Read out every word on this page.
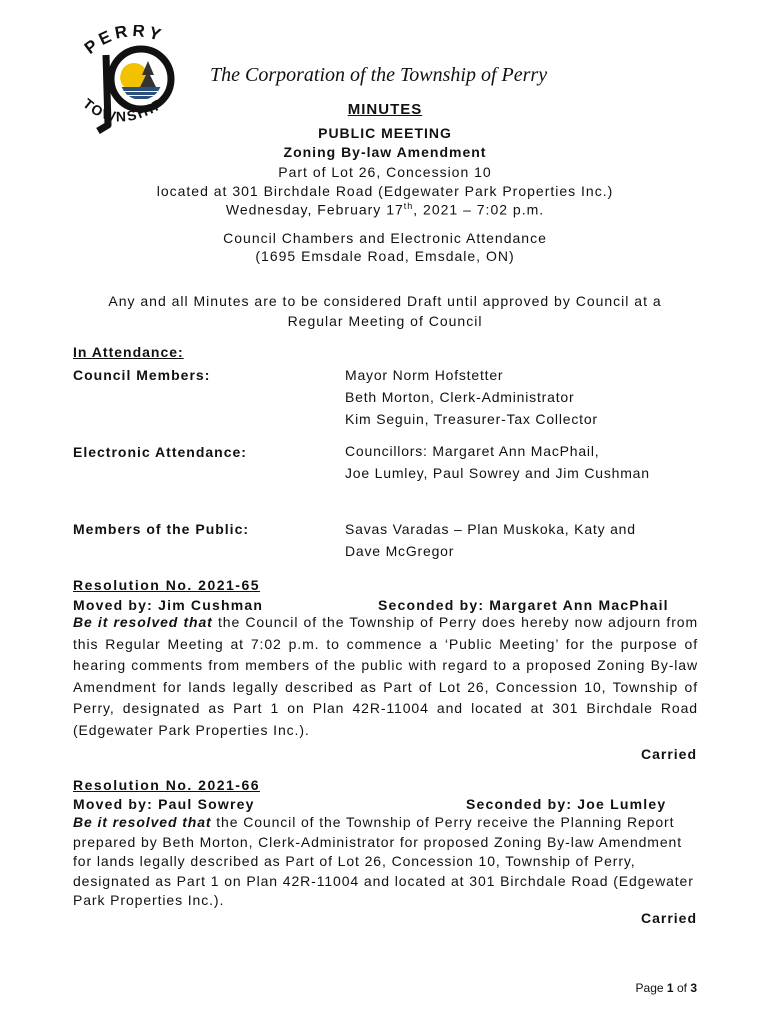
PERRY
TOWNSHIP
The Corporation of the Township of Perry
MINUTES
PUBLIC MEETING
Zoning By-law Amendment
Part of Lot 26, Concession 10
located at 301 Birchdale Road (Edgewater Park Properties Inc.)
Wednesday, February 17th, 2021 – 7:02 p.m.
Council Chambers and Electronic Attendance
(1695 Emsdale Road, Emsdale, ON)
Any and all Minutes are to be considered Draft until approved by Council at a
Regular Meeting of Council
In Attendance:
Council Members:	Mayor Norm Hofstetter
Beth Morton, Clerk-Administrator
Kim Seguin, Treasurer-Tax Collector
Electronic Attendance:	Councillors: Margaret Ann MacPhail,
Joe Lumley, Paul Sowrey and Jim Cushman
Members of the Public:	Savas Varadas – Plan Muskoka, Katy and
Dave McGregor
Resolution No. 2021-65
Moved by: Jim Cushman	Seconded by: Margaret Ann MacPhail
Be it resolved that the Council of the Township of Perry does hereby now adjourn from this Regular Meeting at 7:02 p.m. to commence a ‘Public Meeting’ for the purpose of hearing comments from members of the public with regard to a proposed Zoning By-law Amendment for lands legally described as Part of Lot 26, Concession 10, Township of Perry, designated as Part 1 on Plan 42R-11004 and located at 301 Birchdale Road (Edgewater Park Properties Inc.).
Carried
Resolution No. 2021-66
Moved by: Paul Sowrey	Seconded by: Joe Lumley
Be it resolved that the Council of the Township of Perry receive the Planning Report prepared by Beth Morton, Clerk-Administrator for proposed Zoning By-law Amendment for lands legally described as Part of Lot 26, Concession 10, Township of Perry, designated as Part 1 on Plan 42R-11004 and located at 301 Birchdale Road (Edgewater Park Properties Inc.).
Carried
Page 1 of 3
